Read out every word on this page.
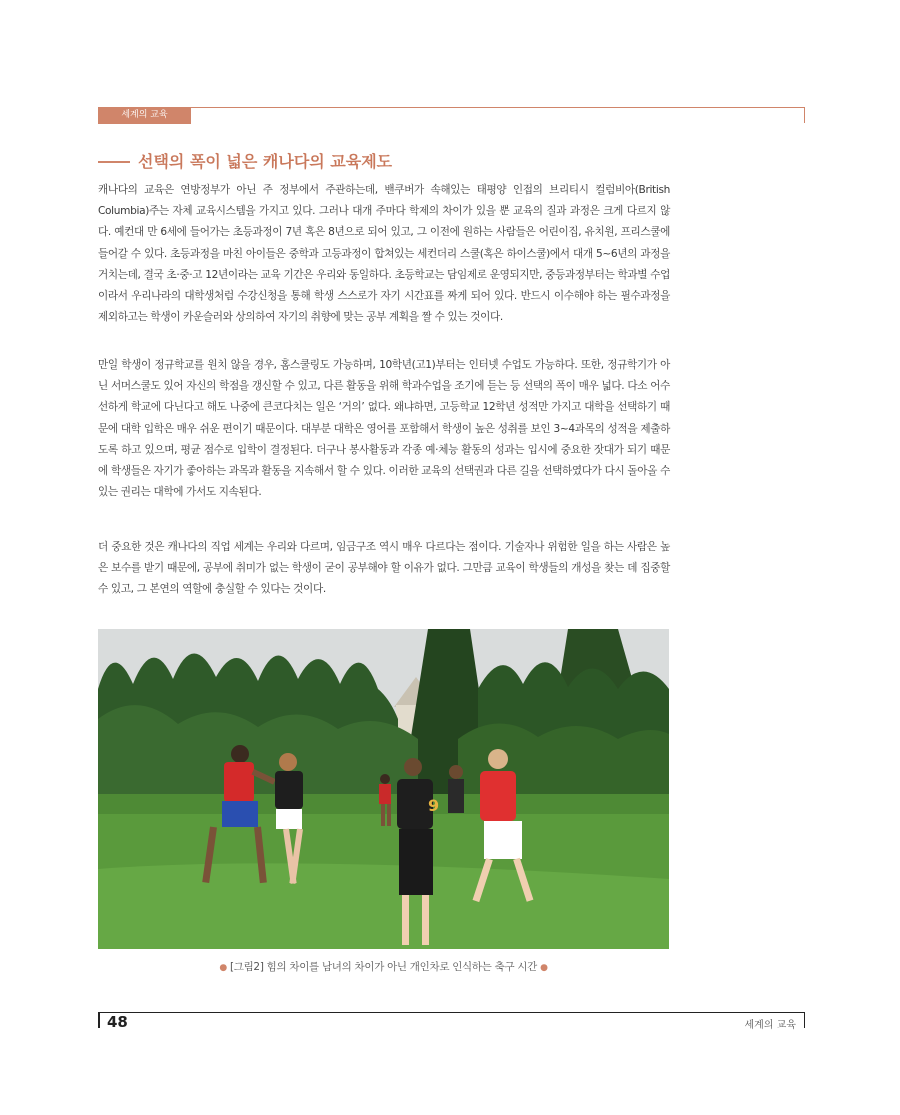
세계의 교육
선택의 폭이 넓은 캐나다의 교육제도

캐나다의 교육은 연방정부가 아닌 주 정부에서 주관하는데, 밴쿠버가 속해있는 태평양 인접의 브리티시 컬럼비아(British Columbia)주는 자체 교육시스템을 가지고 있다. 그러나 대개 주마다 학제의 차이가 있을 뿐 교육의 질과 과정은 크게 다르지 않다. 예컨대 만 6세에 들어가는 초등과정이 7년 혹은 8년으로 되어 있고, 그 이전에 원하는 사람들은 어린이집, 유치원, 프리스쿨에 들어갈 수 있다. 초등과정을 마친 아이들은 중학과 고등과정이 합쳐있는 세컨더리 스쿨(혹은 하이스쿨)에서 대개 5~6년의 과정을 거치는데, 결국 초·중·고 12년이라는 교육 기간은 우리와 동일하다. 초등학교는 담임제로 운영되지만, 중등과정부터는 학과별 수업이라서 우리나라의 대학생처럼 수강신청을 통해 학생 스스로가 자기 시간표를 짜게 되어 있다. 반드시 이수해야 하는 필수과정을 제외하고는 학생이 카운슬러와 상의하여 자기의 취향에 맞는 공부 계획을 짤 수 있는 것이다.

만일 학생이 정규학교를 원치 않을 경우, 홈스쿨링도 가능하며, 10학년(고1)부터는 인터넷 수업도 가능하다. 또한, 정규학기가 아닌 서머스쿨도 있어 자신의 학점을 갱신할 수 있고, 다른 활동을 위해 학과수업을 조기에 듣는 등 선택의 폭이 매우 넓다. 다소 어수선하게 학교에 다닌다고 해도 나중에 큰코다치는 일은 ‘거의’ 없다. 왜냐하면, 고등학교 12학년 성적만 가지고 대학을 선택하기 때문에 대학 입학은 매우 쉬운 편이기 때문이다. 대부분 대학은 영어를 포함해서 학생이 높은 성취를 보인 3~4과목의 성적을 제출하도록 하고 있으며, 평균 점수로 입학이 결정된다. 더구나 봉사활동과 각종 예·체능 활동의 성과는 입시에 중요한 잣대가 되기 때문에 학생들은 자기가 좋아하는 과목과 활동을 지속해서 할 수 있다. 이러한 교육의 선택권과 다른 길을 선택하였다가 다시 돌아올 수 있는 권리는 대학에 가서도 지속된다.

더 중요한 것은 캐나다의 직업 세계는 우리와 다르며, 임금구조 역시 매우 다르다는 점이다. 기술자나 위험한 일을 하는 사람은 높은 보수를 받기 때문에, 공부에 취미가 없는 학생이 굳이 공부해야 할 이유가 없다. 그만큼 교육이 학생들의 개성을 찾는 데 집중할 수 있고, 그 본연의 역할에 충실할 수 있다는 것이다.

9
● [그림2] 힘의 차이를 남녀의 차이가 아닌 개인차로 인식하는 축구 시간 ●
48	세계의 교육
